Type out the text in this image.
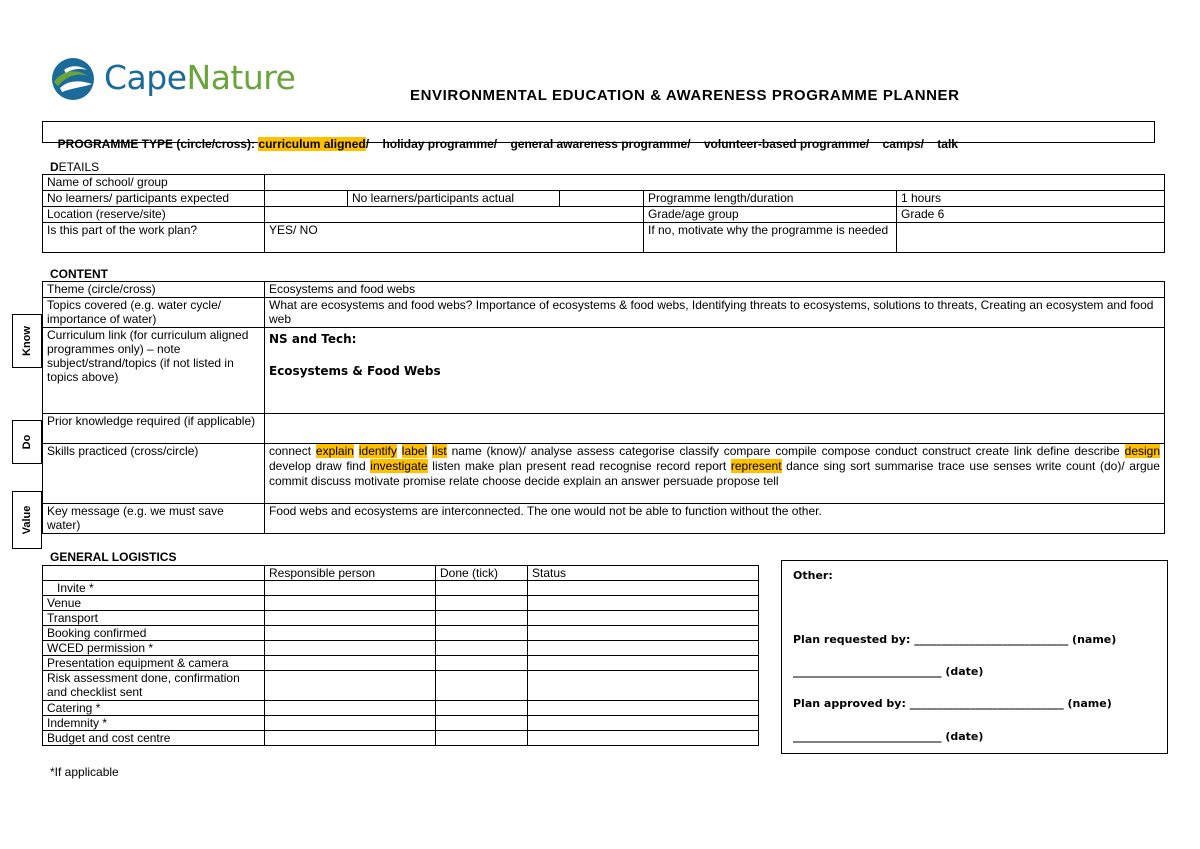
CapeNature	ENVIRONMENTAL EDUCATION & AWARENESS PROGRAMME PLANNER

PROGRAMME TYPE (circle/cross): curriculum aligned/ holiday programme/    general awareness programme/    volunteer-based programme/    camps/    talk

DETAILS
Name of school/ group					
No learners/ participants expected		No learners/participants actual		Programme length/duration	1 hours
Location (reserve/site)				Grade/age group	Grade 6
Is this part of the work plan?	YES/ NO			If no, motivate why the programme is needed	
CONTENT
Know
Do
Value
Theme (circle/cross)	Ecosystems and food webs
Topics covered (e.g. water cycle/ importance of water)	What are ecosystems and food webs? Importance of ecosystems & food webs, Identifying threats to ecosystems, solutions to threats, Creating an ecosystem and food web
Curriculum link (for curriculum aligned programmes only) – note subject/strand/topics (if not listed in topics above)	NS and Tech:
Ecosystems & Food Webs

Prior knowledge required (if applicable)	
Skills practiced (cross/circle)	connect explain identify label list name (know)/ analyse assess categorise classify compare compile compose conduct construct create link define describe design develop draw find investigate listen make plan present read recognise record report represent dance sing sort summarise trace use senses write count (do)/ argue commit discuss motivate promise relate choose decide explain an answer persuade propose tell
Key message (e.g. we must save water)	Food webs and ecosystems are interconnected. The one would not be able to function without the other.
GENERAL LOGISTICS
	Responsible person	Done (tick)	Status
Invite *			
Venue			
Transport			
Booking confirmed			
WCED permission *			
Presentation equipment & camera			
Risk assessment done, confirmation and checklist sent			
Catering *			
Indemnity *			
Budget and cost centre			
Other:
Plan requested by: ____________________________ (name)
___________________________ (date)
Plan approved by: ____________________________ (name)
___________________________ (date)
*If applicable
